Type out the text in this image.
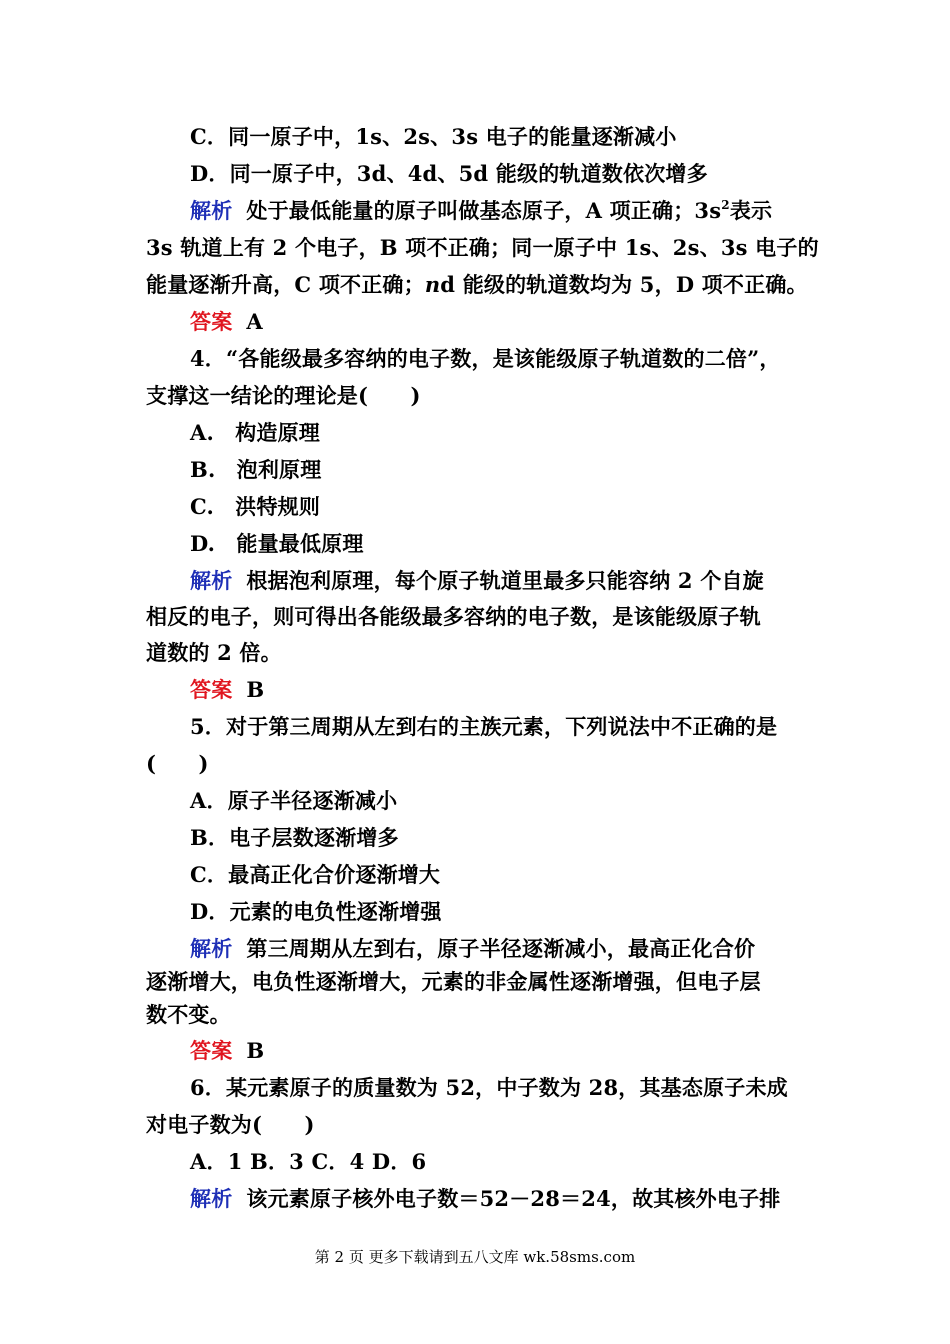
C．同一原子中，1s、2s、3s 电子的能量逐渐减小
D．同一原子中，3d、4d、5d 能级的轨道数依次增多
解析 处于最低能量的原子叫做基态原子，A 项正确；$3s^2$表示
3s 轨道上有 2 个电子，B 项不正确；同一原子中 1s、2s、3s 电子的
能量逐渐升高，C 项不正确；nd 能级的轨道数均为 5，D 项不正确。
答案 A
4．“各能级最多容纳的电子数，是该能级原子轨道数的二倍”，
支撑这一结论的理论是(　　)
A.　构造原理
B.　泡利原理
C.　洪特规则
D.　能量最低原理
解析 根据泡利原理，每个原子轨道里最多只能容纳 2 个自旋
相反的电子，则可得出各能级最多容纳的电子数，是该能级原子轨
道数的 2 倍。
答案 B
5．对于第三周期从左到右的主族元素，下列说法中不正确的是
(　　)
A．原子半径逐渐减小
B．电子层数逐渐增多
C．最高正化合价逐渐增大
D．元素的电负性逐渐增强
解析 第三周期从左到右，原子半径逐渐减小，最高正化合价
逐渐增大，电负性逐渐增大，元素的非金属性逐渐增强，但电子层
数不变。
答案 B
6．某元素原子的质量数为 52，中子数为 28，其基态原子未成
对电子数为(　　)
A．1 B．3 C．4 D．6
解析 该元素原子核外电子数＝52－28＝24，故其核外电子排
第 2 页 更多下载请到五八文库 wk.58sms.com
